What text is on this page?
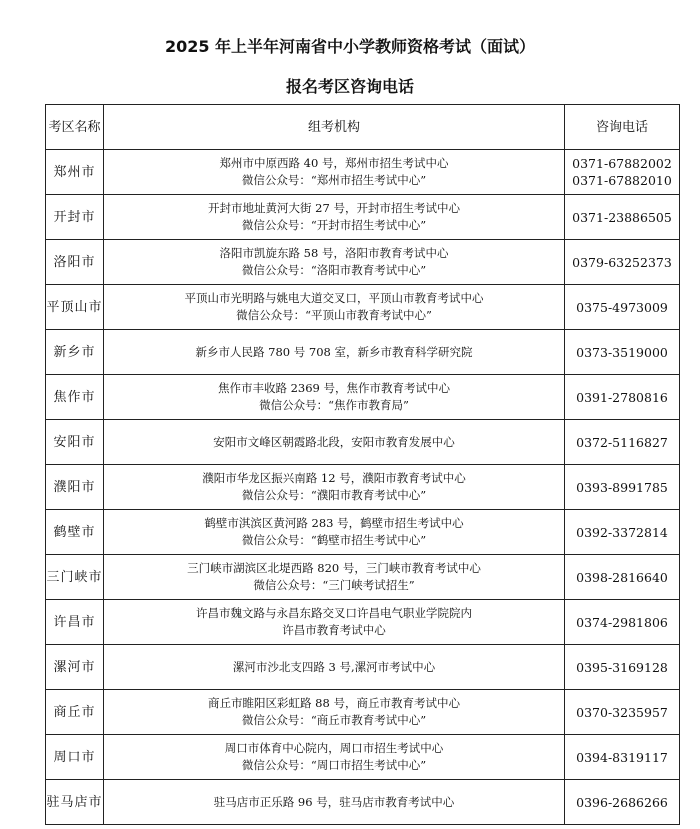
2025 年上半年河南省中小学教师资格考试（面试）
报名考区咨询电话
考区名称	组考机构	咨询电话
郑州市	郑州市中原西路 40 号，郑州市招生考试中心
微信公众号：“郑州市招生考试中心”	0371-67882002
0371-67882010

开封市	开封市地址黄河大街 27 号，开封市招生考试中心
微信公众号：“开封市招生考试中心”	0371-23886505

洛阳市	洛阳市凯旋东路 58 号，洛阳市教育考试中心
微信公众号：“洛阳市教育考试中心”	0379-63252373

平顶山市	平顶山市光明路与姚电大道交叉口，平顶山市教育考试中心
微信公众号：“平顶山市教育考试中心”	0375-4973009

新乡市	新乡市人民路 780 号 708 室，新乡市教育科学研究院	0373-3519000

焦作市	焦作市丰收路 2369 号，焦作市教育考试中心
微信公众号：“焦作市教育局”	0391-2780816

安阳市	安阳市文峰区朝霞路北段，安阳市教育发展中心	0372-5116827

濮阳市	濮阳市华龙区振兴南路 12 号，濮阳市教育考试中心
微信公众号：“濮阳市教育考试中心”	0393-8991785

鹤壁市	鹤壁市淇滨区黄河路 283 号，鹤壁市招生考试中心
微信公众号：“鹤壁市招生考试中心”	0392-3372814

三门峡市	三门峡市湖滨区北堤西路 820 号，三门峡市教育考试中心
微信公众号：“三门峡考试招生”	0398-2816640

许昌市	许昌市魏文路与永昌东路交叉口许昌电气职业学院院内
许昌市教育考试中心	0374-2981806

漯河市	漯河市沙北支四路 3 号,漯河市考试中心	0395-3169128

商丘市	商丘市睢阳区彩虹路 88 号，商丘市教育考试中心
微信公众号：“商丘市教育考试中心”	0370-3235957

周口市	周口市体育中心院内，周口市招生考试中心
微信公众号：“周口市招生考试中心”	0394-8319117

驻马店市	驻马店市正乐路 96 号，驻马店市教育考试中心	0396-2686266
